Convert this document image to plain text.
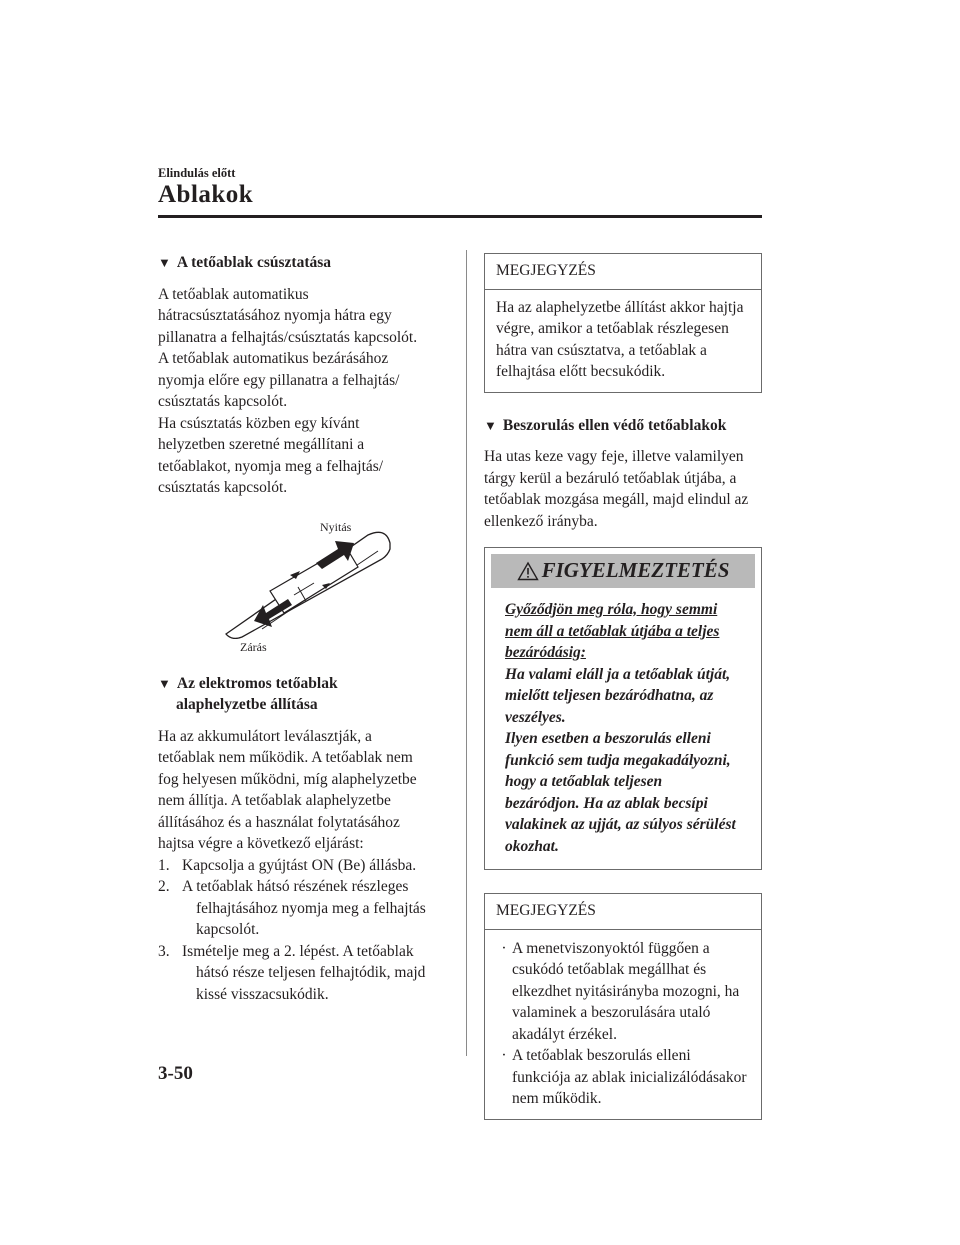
Elindulás előtt
Ablakok
▼ A tetőablak csúsztatása

A tetőablak automatikus

hátracsúsztatásához nyomja hátra egy

pillanatra a felhajtás/csúsztatás kapcsolót.

A tetőablak automatikus bezárásához

nyomja előre egy pillanatra a felhajtás/

csúsztatás kapcsolót.

Ha csúsztatás közben egy kívánt

helyzetben szeretné megállítani a

tetőablakot, nyomja meg a felhajtás/

csúsztatás kapcsolót.

Nyitás
Zárás
▼ Az elektromos tetőablak
alaphelyzetbe állítása

Ha az akkumulátort leválasztják, a

tetőablak nem működik. A tetőablak nem

fog helyesen működni, míg alaphelyzetbe

nem állítja. A tetőablak alaphelyzetbe

állításához és a használat folytatásához

hajtsa végre a következő eljárást:

1. Kapcsolja a gyújtást ON (Be) állásba.
2. A tetőablak hátsó részének részleges
felhajtásához nyomja meg a felhajtás
kapcsolót.
3. Ismételje meg a 2. lépést. A tetőablak
hátsó része teljesen felhajtódik, majd
kissé visszacsukódik.
MEGJEGYZÉS
Ha az alaphelyzetbe állítást akkor hajtja
végre, amikor a tetőablak részlegesen
hátra van csúsztatva, a tetőablak a
felhajtása előtt becsukódik.
▼ Beszorulás ellen védő tetőablakok

Ha utas keze vagy feje, illetve valamilyen

tárgy kerül a bezáruló tetőablak útjába, a

tetőablak mozgása megáll, majd elindul az

ellenkező irányba.

FIGYELMEZTETÉS
Győződjön meg róla, hogy semmi
nem áll a tetőablak útjába a teljes
bezáródásig:
Ha valami eláll ja a tetőablak útját,
mielőtt teljesen bezáródhatna, az
veszélyes.
Ilyen esetben a beszorulás elleni
funkció sem tudja megakadályozni,
hogy a tetőablak teljesen
bezáródjon. Ha az ablak becsípi
valakinek az ujját, az súlyos sérülést
okozhat.
MEGJEGYZÉS
· A menetviszonyoktól függően a
csukódó tetőablak megállhat és
elkezdhet nyitásirányba mozogni, ha
valaminek a beszorulására utaló
akadályt érzékel.
· A tetőablak beszorulás elleni
funkciója az ablak inicializálódásakor
nem működik.
3-50
